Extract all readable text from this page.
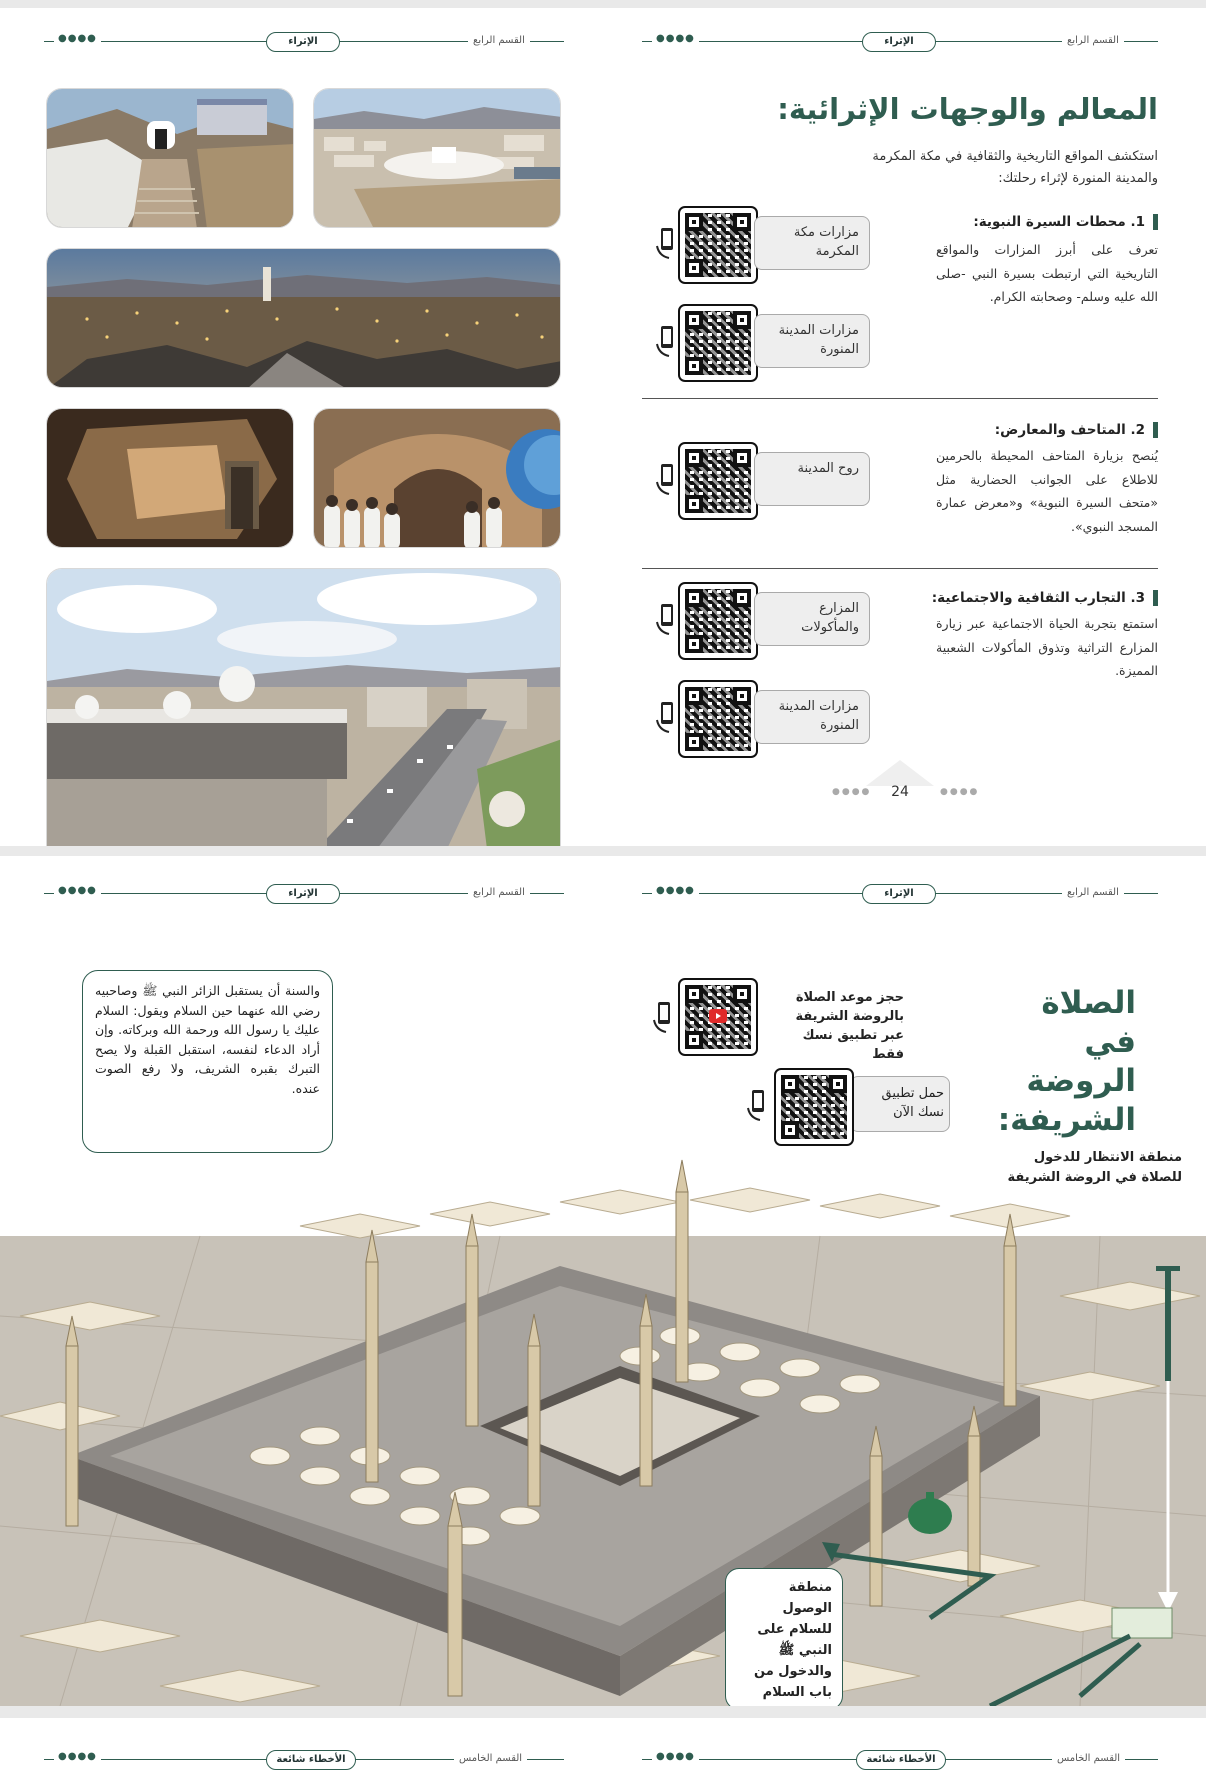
●●●●	الإثراء	القسم الرابع	●●●●	الإثراء	القسم الرابع
المعالم والوجهات الإثرائية:
استكشف المواقع التاريخية والثقافية في مكة المكرمة والمدينة المنورة لإثراء رحلتك:
1. محطات السيرة النبوية:
تعرف على أبرز المزارات والمواقع التاريخية التي ارتبطت بسيرة النبي -صلى الله عليه وسلم- وصحابته الكرام.
مزارات مكة المكرمة
مزارات المدينة المنورة
2. المتاحف والمعارض:
يُنصح بزيارة المتاحف المحيطة بالحرمين للاطلاع على الجوانب الحضارية مثل «متحف السيرة النبوية» و«معرض عمارة المسجد النبوي».
روح المدينة
3. التجارب الثقافية والاجتماعية:
استمتع بتجربة الحياة الاجتماعية عبر زيارة المزارع التراثية وتذوق المأكولات الشعبية المميزة.
المزارع والمأكولات
مزارات المدينة المنورة
●●●●	●●●●
24
●●●●	الإثراء	القسم الرابع	●●●●	الإثراء	القسم الرابع
الصلاة في الروضة الشريفة:
حجز موعد الصلاة بالروضة الشريفة عبر تطبيق نسك فقط
حمل تطبيق نسك الآن
والسنة أن يستقبل الزائر النبي ﷺ وصاحبيه رضي الله عنهما حين السلام ويقول: السلام عليك يا رسول الله ورحمة الله وبركاته. وإن أراد الدعاء لنفسه، استقبل القبلة ولا يصح التبرك بقبره الشريف، ولا رفع الصوت عنده.
منطقة الانتظار للدخول للصلاة في الروضة الشريفة
منطقة الوصول للسلام على النبي ﷺ والدخول من باب السلام
●●●●	الأخطاء شائعة	القسم الخامس	●●●●	الأخطاء شائعة	القسم الخامس
